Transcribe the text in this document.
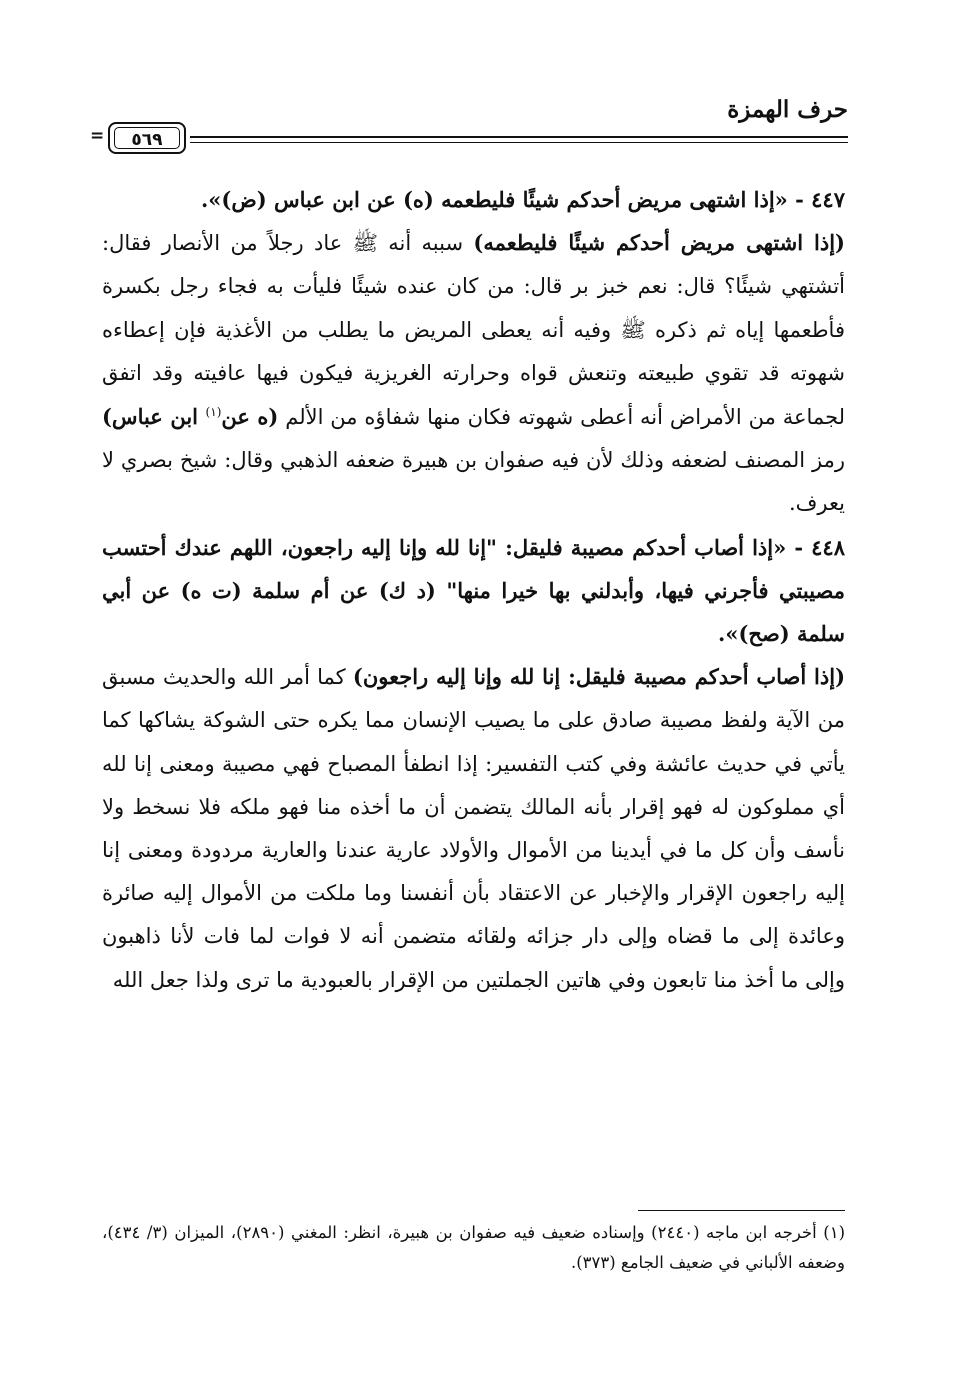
حرف الهمزة
=	٥٦٩

٤٤٧ - «إذا اشتهى مريض أحدكم شيئًا فليطعمه (ه) عن ابن عباس (ض)».

(إذا اشتهى مريض أحدكم شيئًا فليطعمه) سببه أنه ﷺ عاد رجلاً من الأنصار فقال: أتشتهي شيئًا؟ قال: نعم خبز بر قال: من كان عنده شيئًا فليأت به فجاء رجل بكسرة فأطعمها إياه ثم ذكره ﷺ وفيه أنه يعطى المريض ما يطلب من الأغذية فإن إعطاءه شهوته قد تقوي طبيعته وتنعش قواه وحرارته الغريزية فيكون فيها عافيته وقد اتفق لجماعة من الأمراض أنه أعطى شهوته فكان منها شفاؤه من الألم (ه عن$^{(١)}$ ابن عباس) رمز المصنف لضعفه وذلك لأن فيه صفوان بن هبيرة ضعفه الذهبي وقال: شيخ بصري لا يعرف.

٤٤٨ - «إذا أصاب أحدكم مصيبة فليقل: "إنا لله وإنا إليه راجعون، اللهم عندك أحتسب مصيبتي فأجرني فيها، وأبدلني بها خيرا منها" (د ك) عن أم سلمة (ت ه) عن أبي سلمة (صح)».

(إذا أصاب أحدكم مصيبة فليقل: إنا لله وإنا إليه راجعون) كما أمر الله والحديث مسبق من الآية ولفظ مصيبة صادق على ما يصيب الإنسان مما يكره حتى الشوكة يشاكها كما يأتي في حديث عائشة وفي كتب التفسير: إذا انطفأ المصباح فهي مصيبة ومعنى إنا لله أي مملوكون له فهو إقرار بأنه المالك يتضمن أن ما أخذه منا فهو ملكه فلا نسخط ولا نأسف وأن كل ما في أيدينا من الأموال والأولاد عارية عندنا والعارية مردودة ومعنى إنا إليه راجعون الإقرار والإخبار عن الاعتقاد بأن أنفسنا وما ملكت من الأموال إليه صائرة وعائدة إلى ما قضاه وإلى دار جزائه ولقائه متضمن أنه لا فوات لما فات لأنا ذاهبون وإلى ما أخذ منا تابعون وفي هاتين الجملتين من الإقرار بالعبودية ما ترى ولذا جعل الله

(١) أخرجه ابن ماجه (٢٤٤٠) وإسناده ضعيف فيه صفوان بن هبيرة، انظر: المغني (٢٨٩٠)، الميزان (٣/ ٤٣٤)، وضعفه الألباني في ضعيف الجامع (٣٧٣).
